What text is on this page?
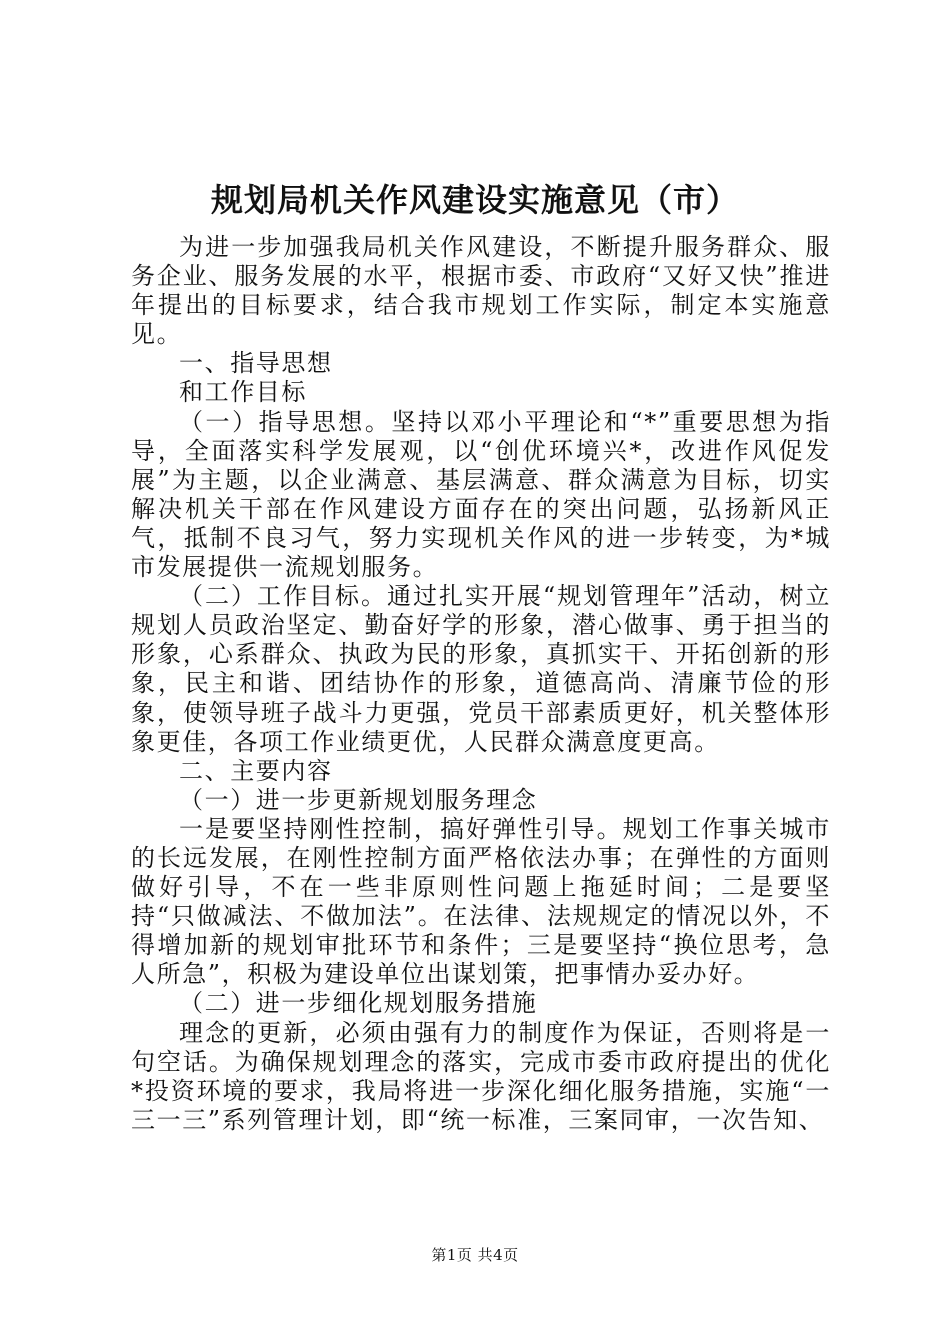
规划局机关作风建设实施意见（市）

为进一步加强我局机关作风建设，不断提升服务群众、服务企业、服务发展的水平，根据市委、市政府“又好又快”推进年提出的目标要求，结合我市规划工作实际，制定本实施意见。

一、指导思想

和工作目标

（一）指导思想。坚持以邓小平理论和“*”重要思想为指导，全面落实科学发展观，以“创优环境兴*，改进作风促发展”为主题，以企业满意、基层满意、群众满意为目标，切实解决机关干部在作风建设方面存在的突出问题，弘扬新风正气，抵制不良习气，努力实现机关作风的进一步转变，为*城市发展提供一流规划服务。

（二）工作目标。通过扎实开展“规划管理年”活动，树立规划人员政治坚定、勤奋好学的形象，潜心做事、勇于担当的形象，心系群众、执政为民的形象，真抓实干、开拓创新的形象，民主和谐、团结协作的形象，道德高尚、清廉节俭的形象，使领导班子战斗力更强，党员干部素质更好，机关整体形象更佳，各项工作业绩更优，人民群众满意度更高。

二、主要内容

（一）进一步更新规划服务理念

一是要坚持刚性控制，搞好弹性引导。规划工作事关城市的长远发展，在刚性控制方面严格依法办事；在弹性的方面则做好引导，不在一些非原则性问题上拖延时间；二是要坚持“只做减法、不做加法”。在法律、法规规定的情况以外，不得增加新的规划审批环节和条件；三是要坚持“换位思考，急人所急”，积极为建设单位出谋划策，把事情办妥办好。

（二）进一步细化规划服务措施

理念的更新，必须由强有力的制度作为保证，否则将是一句空话。为确保规划理念的落实，完成市委市政府提出的优化*投资环境的要求，我局将进一步深化细化服务措施，实施“一三一三”系列管理计划，即“统一标准，三案同审，一次告知、

第1页 共4页
